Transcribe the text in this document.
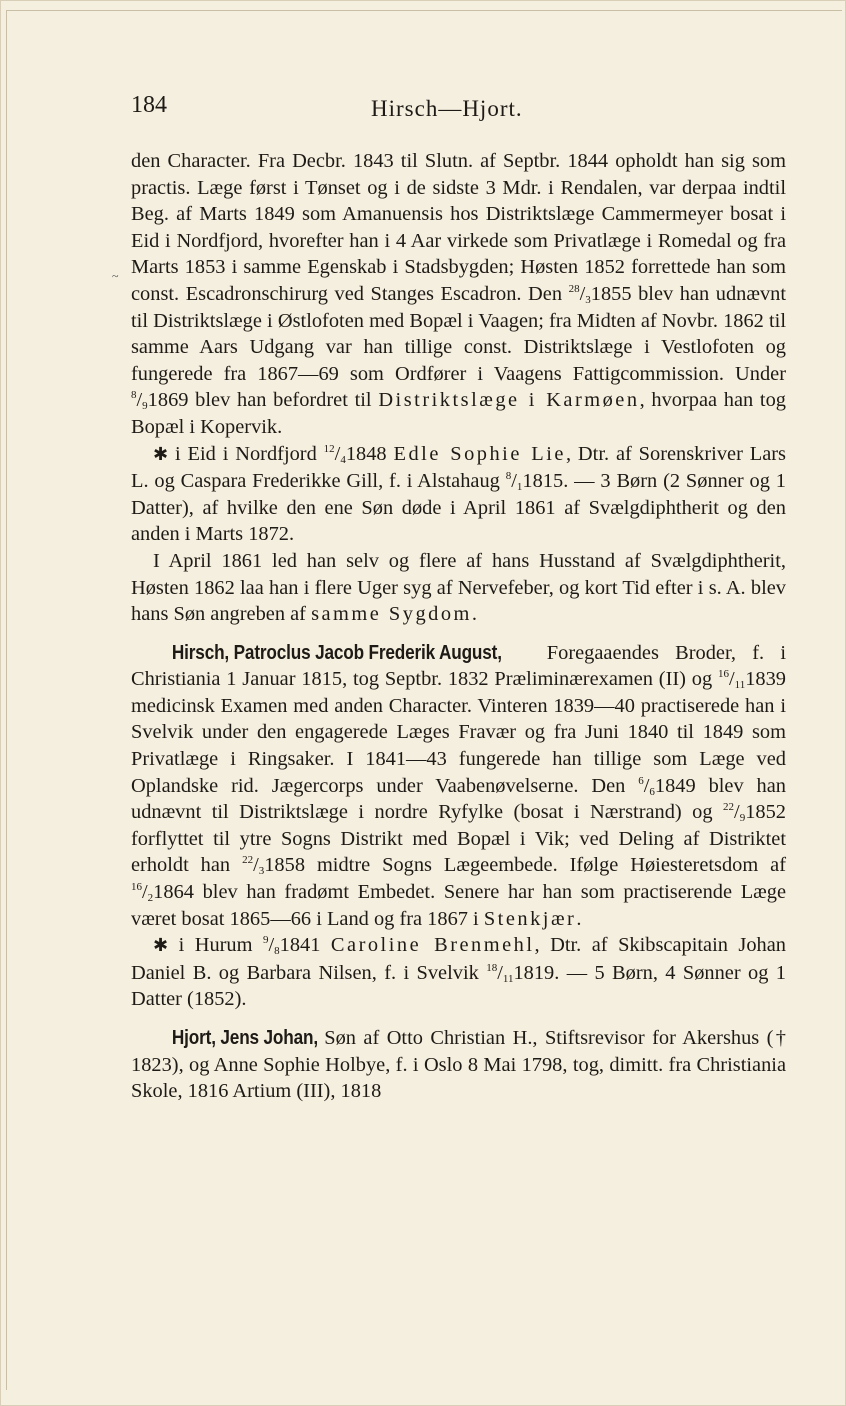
184	Hirsch—Hjort.
~

den Character. Fra Decbr. 1843 til Slutn. af Septbr. 1844 opholdt han sig som practis. Læge først i Tønset og i de sidste 3 Mdr. i Rendalen, var derpaa indtil Beg. af Marts 1849 som Amanuensis hos Distriktslæge Cammermeyer bosat i Eid i Nordfjord, hvorefter han i 4 Aar virkede som Privatlæge i Romedal og fra Marts 1853 i samme Egenskab i Stadsbygden; Høsten 1852 forrettede han som const. Escadronschirurg ved Stanges Escadron. Den $^{28}/_31855$ blev han udnævnt til Distriktslæge i Østlofoten med Bopæl i Vaagen; fra Midten af Novbr. 1862 til samme Aars Udgang var han tillige const. Distriktslæge i Vestlofoten og fungerede fra 1867—69 som Ordfører i Vaagens Fattigcommission. Under $^8/_91869$ blev han befordret til Distriktslæge i Karmøen, hvorpaa han tog Bopæl i Kopervik.

✱ i Eid i Nordfjord $^{12}/_41848$ Edle Sophie Lie, Dtr. af Sorenskriver Lars L. og Caspara Frederikke Gill, f. i Alstahaug $^8/_11815$. — 3 Børn (2 Sønner og 1 Datter), af hvilke den ene Søn døde i April 1861 af Svælgdiphtherit og den anden i Marts 1872.

I April 1861 led han selv og flere af hans Husstand af Svælgdiphtherit, Høsten 1862 laa han i flere Uger syg af Nervefeber, og kort Tid efter i s. A. blev hans Søn angreben af samme Sygdom.

Hirsch, Patroclus Jacob Frederik August, Foregaaendes Broder, f. i Christiania 1 Januar 1815, tog Septbr. 1832 Præliminærexamen (II) og $^{16}/_{11}1839$ medicinsk Examen med anden Character. Vinteren 1839—40 practiserede han i Svelvik under den engagerede Læges Fravær og fra Juni 1840 til 1849 som Privatlæge i Ringsaker. I 1841—43 fungerede han tillige som Læge ved Oplandske rid. Jægercorps under Vaabenøvelserne. Den $^6/_61849$ blev han udnævnt til Distriktslæge i nordre Ryfylke (bosat i Nærstrand) og $^{22}/_91852$ forflyttet til ytre Sogns Distrikt med Bopæl i Vik; ved Deling af Distriktet erholdt han $^{22}/_31858$ midtre Sogns Lægeembede. Ifølge Høiesteretsdom af $^{16}/_21864$ blev han fradømt Embedet. Senere har han som practiserende Læge været bosat 1865—66 i Land og fra 1867 i Stenkjær.

✱ i Hurum $^9/_81841$ Caroline Brenmehl, Dtr. af Skibscapitain Johan Daniel B. og Barbara Nilsen, f. i Svelvik $^{18}/_{11}1819$. — 5 Børn, 4 Sønner og 1 Datter (1852).

Hjort, Jens Johan, Søn af Otto Christian H., Stiftsrevisor for Akershus († 1823), og Anne Sophie Holbye, f. i Oslo 8 Mai 1798, tog, dimitt. fra Christiania Skole, 1816 Artium (III), 1818
